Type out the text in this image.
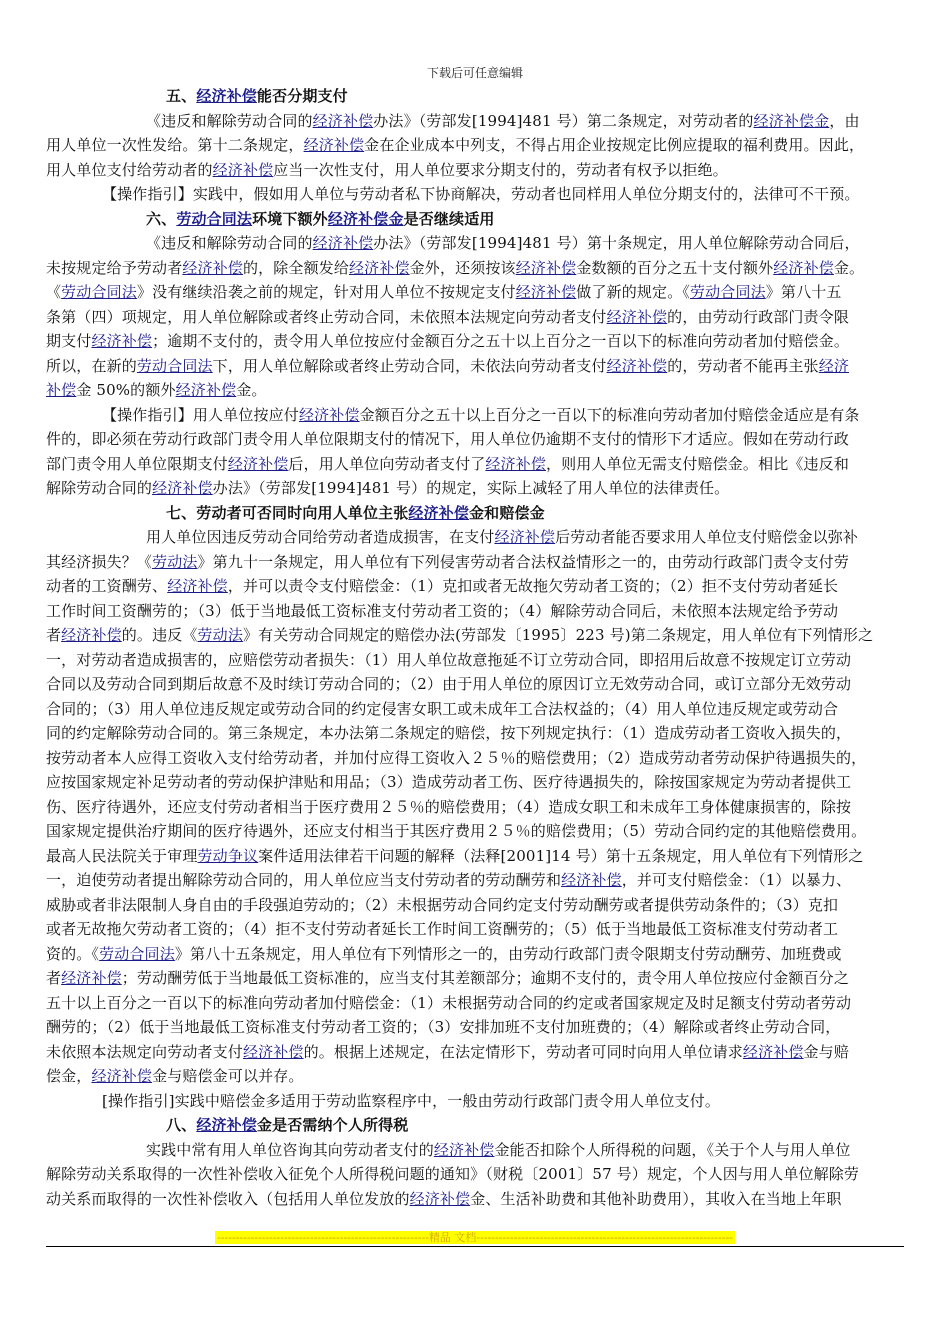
下载后可任意编辑
五、经济补偿能否分期支付
《违反和解除劳动合同的经济补偿办法》（劳部发[1994]481 号）第二条规定，对劳动者的经济补偿金，由
用人单位一次性发给。第十二条规定，经济补偿金在企业成本中列支，不得占用企业按规定比例应提取的福利费用。因此，
用人单位支付给劳动者的经济补偿应当一次性支付，用人单位要求分期支付的，劳动者有权予以拒绝。
【操作指引】实践中，假如用人单位与劳动者私下协商解决，劳动者也同样用人单位分期支付的，法律可不干预。
六、劳动合同法环境下额外经济补偿金是否继续适用
《违反和解除劳动合同的经济补偿办法》（劳部发[1994]481 号）第十条规定，用人单位解除劳动合同后，
未按规定给予劳动者经济补偿的，除全额发给经济补偿金外，还须按该经济补偿金数额的百分之五十支付额外经济补偿金。
《劳动合同法》没有继续沿袭之前的规定，针对用人单位不按规定支付经济补偿做了新的规定。《劳动合同法》第八十五
条第（四）项规定，用人单位解除或者终止劳动合同，未依照本法规定向劳动者支付经济补偿的，由劳动行政部门责令限
期支付经济补偿；逾期不支付的，责令用人单位按应付金额百分之五十以上百分之一百以下的标准向劳动者加付赔偿金。
所以，在新的劳动合同法下，用人单位解除或者终止劳动合同，未依法向劳动者支付经济补偿的，劳动者不能再主张经济
补偿金 50%的额外经济补偿金。
【操作指引】用人单位按应付经济补偿金额百分之五十以上百分之一百以下的标准向劳动者加付赔偿金适应是有条
件的，即必须在劳动行政部门责令用人单位限期支付的情况下，用人单位仍逾期不支付的情形下才适应。假如在劳动行政
部门责令用人单位限期支付经济补偿后，用人单位向劳动者支付了经济补偿，则用人单位无需支付赔偿金。相比《违反和
解除劳动合同的经济补偿办法》（劳部发[1994]481 号）的规定，实际上减轻了用人单位的法律责任。
七、劳动者可否同时向用人单位主张经济补偿金和赔偿金
用人单位因违反劳动合同给劳动者造成损害，在支付经济补偿后劳动者能否要求用人单位支付赔偿金以弥补
其经济损失？《劳动法》第九十一条规定，用人单位有下列侵害劳动者合法权益情形之一的，由劳动行政部门责令支付劳
动者的工资酬劳、经济补偿，并可以责令支付赔偿金：（1）克扣或者无故拖欠劳动者工资的；（2）拒不支付劳动者延长
工作时间工资酬劳的；（3）低于当地最低工资标准支付劳动者工资的；（4）解除劳动合同后，未依照本法规定给予劳动
者经济补偿的。违反《劳动法》有关劳动合同规定的赔偿办法(劳部发〔1995〕223 号)第二条规定，用人单位有下列情形之
一，对劳动者造成损害的，应赔偿劳动者损失：（1）用人单位故意拖延不订立劳动合同，即招用后故意不按规定订立劳动
合同以及劳动合同到期后故意不及时续订劳动合同的；（2）由于用人单位的原因订立无效劳动合同，或订立部分无效劳动
合同的；（3）用人单位违反规定或劳动合同的约定侵害女职工或未成年工合法权益的；（4）用人单位违反规定或劳动合
同的约定解除劳动合同的。第三条规定，本办法第二条规定的赔偿，按下列规定执行：（1）造成劳动者工资收入损失的，
按劳动者本人应得工资收入支付给劳动者，并加付应得工资收入２５％的赔偿费用；（2）造成劳动者劳动保护待遇损失的，
应按国家规定补足劳动者的劳动保护津贴和用品；（3）造成劳动者工伤、医疗待遇损失的，除按国家规定为劳动者提供工
伤、医疗待遇外，还应支付劳动者相当于医疗费用２５％的赔偿费用；（4）造成女职工和未成年工身体健康损害的，除按
国家规定提供治疗期间的医疗待遇外，还应支付相当于其医疗费用２５％的赔偿费用；（5）劳动合同约定的其他赔偿费用。
最高人民法院关于审理劳动争议案件适用法律若干问题的解释（法释[2001]14 号）第十五条规定，用人单位有下列情形之
一，迫使劳动者提出解除劳动合同的，用人单位应当支付劳动者的劳动酬劳和经济补偿，并可支付赔偿金：（1）以暴力、
威胁或者非法限制人身自由的手段强迫劳动的；（2）未根据劳动合同约定支付劳动酬劳或者提供劳动条件的；（3）克扣
或者无故拖欠劳动者工资的；（4）拒不支付劳动者延长工作时间工资酬劳的；（5）低于当地最低工资标准支付劳动者工
资的。《劳动合同法》第八十五条规定，用人单位有下列情形之一的，由劳动行政部门责令限期支付劳动酬劳、加班费或
者经济补偿；劳动酬劳低于当地最低工资标准的，应当支付其差额部分；逾期不支付的，责令用人单位按应付金额百分之
五十以上百分之一百以下的标准向劳动者加付赔偿金：（1）未根据劳动合同的约定或者国家规定及时足额支付劳动者劳动
酬劳的；（2）低于当地最低工资标准支付劳动者工资的；（3）安排加班不支付加班费的；（4）解除或者终止劳动合同，
未依照本法规定向劳动者支付经济补偿的。根据上述规定，在法定情形下，劳动者可同时向用人单位请求经济补偿金与赔
偿金，经济补偿金与赔偿金可以并存。
[操作指引]实践中赔偿金多适用于劳动监察程序中，一般由劳动行政部门责令用人单位支付。
八、经济补偿金是否需纳个人所得税
实践中常有用人单位咨询其向劳动者支付的经济补偿金能否扣除个人所得税的问题，《关于个人与用人单位
解除劳动关系取得的一次性补偿收入征免个人所得税问题的通知》（财税〔2001〕57 号）规定，个人因与用人单位解除劳
动关系而取得的一次性补偿收入（包括用人单位发放的经济补偿金、生活补助费和其他补助费用），其收入在当地上年职
---------------------------------------------------------精品 文档---------------------------------------------------------------------
